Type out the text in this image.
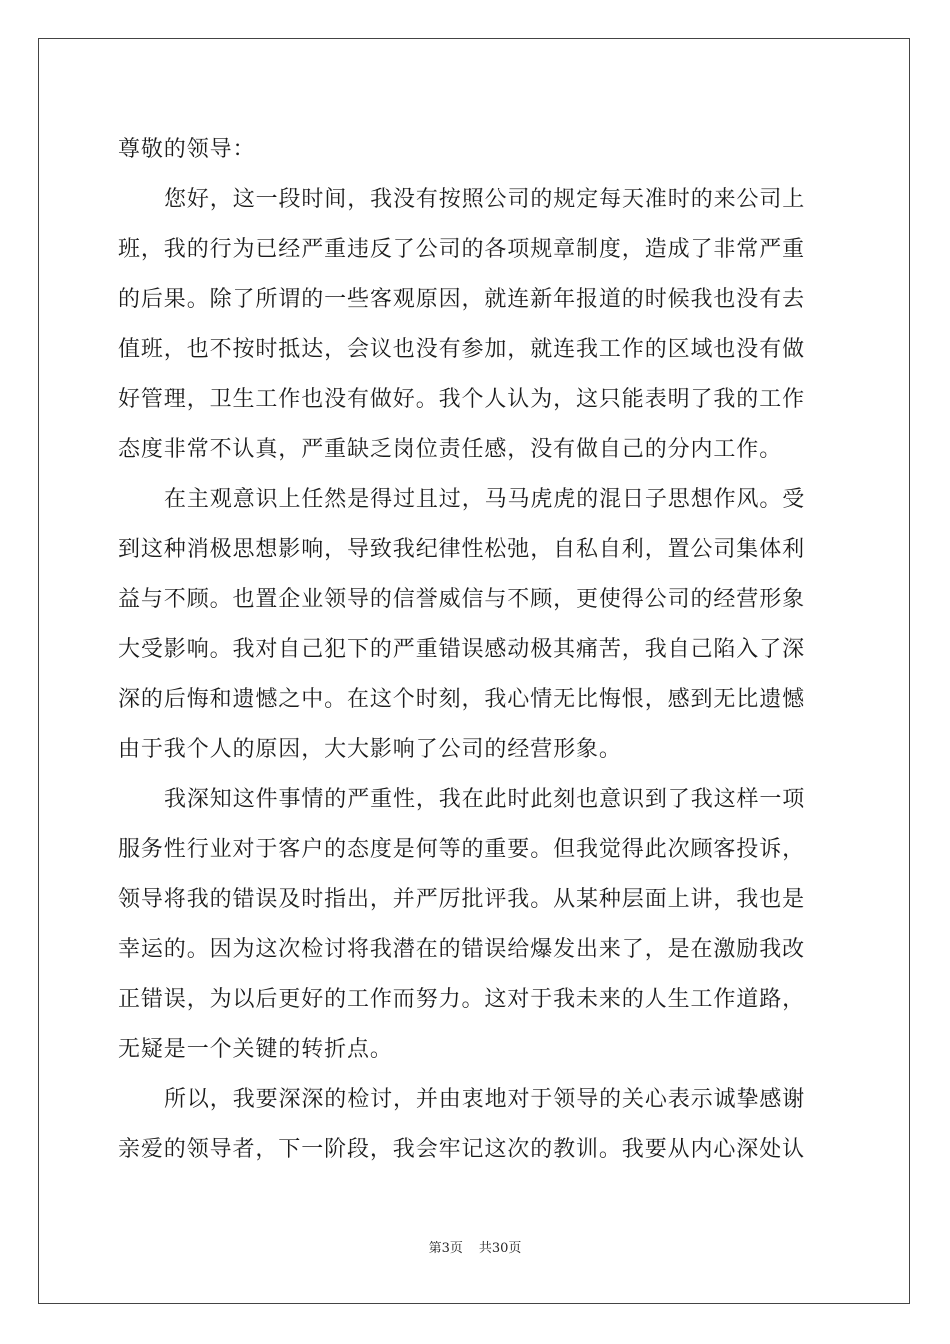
尊敬的领导：
您好，这一段时间，我没有按照公司的规定每天准时的来公司上
班，我的行为已经严重违反了公司的各项规章制度，造成了非常严重
的后果。除了所谓的一些客观原因，就连新年报道的时候我也没有去
值班，也不按时抵达，会议也没有参加，就连我工作的区域也没有做
好管理，卫生工作也没有做好。我个人认为，这只能表明了我的工作
态度非常不认真，严重缺乏岗位责任感，没有做自己的分内工作。
在主观意识上任然是得过且过，马马虎虎的混日子思想作风。受
到这种消极思想影响，导致我纪律性松弛，自私自利，置公司集体利
益与不顾。也置企业领导的信誉威信与不顾，更使得公司的经营形象
大受影响。我对自己犯下的严重错误感动极其痛苦，我自己陷入了深
深的后悔和遗憾之中。在这个时刻，我心情无比悔恨，感到无比遗憾
由于我个人的原因，大大影响了公司的经营形象。
我深知这件事情的严重性，我在此时此刻也意识到了我这样一项
服务性行业对于客户的态度是何等的重要。但我觉得此次顾客投诉，
领导将我的错误及时指出，并严厉批评我。从某种层面上讲，我也是
幸运的。因为这次检讨将我潜在的错误给爆发出来了，是在激励我改
正错误，为以后更好的工作而努力。这对于我未来的人生工作道路，
无疑是一个关键的转折点。
所以，我要深深的检讨，并由衷地对于领导的关心表示诚挚感谢
亲爱的领导者，下一阶段，我会牢记这次的教训。我要从内心深处认
第3页 共30页
